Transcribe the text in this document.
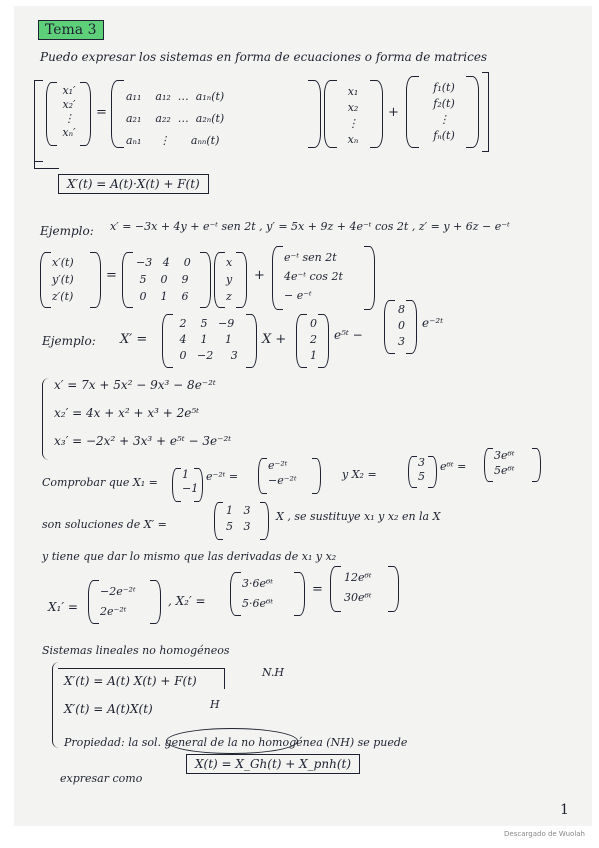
Tema 3
Puedo expresar los sistemas en forma de ecuaciones o forma de matrices
x₁′
x₂′
⋮
xₙ′
=
a₁₁ a₁₂ … a₁ₙ(t)
a₂₁ a₂₂ … a₂ₙ(t)
aₙ₁ ⋮ aₙₙ(t)
x₁
x₂
⋮
xₙ
+
f₁(t)
f₂(t)
⋮
fₙ(t)
X′(t) = A(t)·X(t) + F(t)
Ejemplo: x′ = −3x + 4y + e⁻ᵗ sen 2t , y′ = 5x + 9z + 4e⁻ᵗ cos 2t , z′ = y + 6z − e⁻ᵗ
x′(t)
y′(t)
z′(t)
=
−3 4 0
5 0 9
0 1 6
x
y
z
+
e⁻ᵗ sen 2t
4e⁻ᵗ cos 2t
− e⁻ᵗ
Ejemplo: X′ =
2 5 −9
4 1 1
0 −2 3
X +
0
2
1
e⁵ᵗ −
8
0
3
e⁻²ᵗ
x′ = 7x + 5x² − 9x³ − 8e⁻²ᵗ
x₂′ = 4x + x² + x³ + 2e⁵ᵗ
x₃′ = −2x² + 3x³ + e⁵ᵗ − 3e⁻²ᵗ
Comprobar que X₁ =
1
−1
e⁻²ᵗ =
e⁻²ᵗ
−e⁻²ᵗ	y X₂ =
3
5
e⁶ᵗ =
3e⁶ᵗ
5e⁶ᵗ
son soluciones de X′ =
1 3
5 3
X , se sustituye x₁ y x₂ en la X
y tiene que dar lo mismo que las derivadas de x₁ y x₂
X₁′ =
−2e⁻²ᵗ
2e⁻²ᵗ
, X₂′ =
3·6e⁶ᵗ
5·6e⁶ᵗ
=
12e⁶ᵗ
30e⁶ᵗ
Sistemas lineales no homogéneos
X′(t) = A(t) X(t) + F(t)
N.H
X′(t) = A(t)X(t)	H
Propiedad: la sol. general de la no homogénea (NH) se puede
expresar como
X(t) = X_Gh(t) + X_pnh(t)
1
Descargado de Wuolah
